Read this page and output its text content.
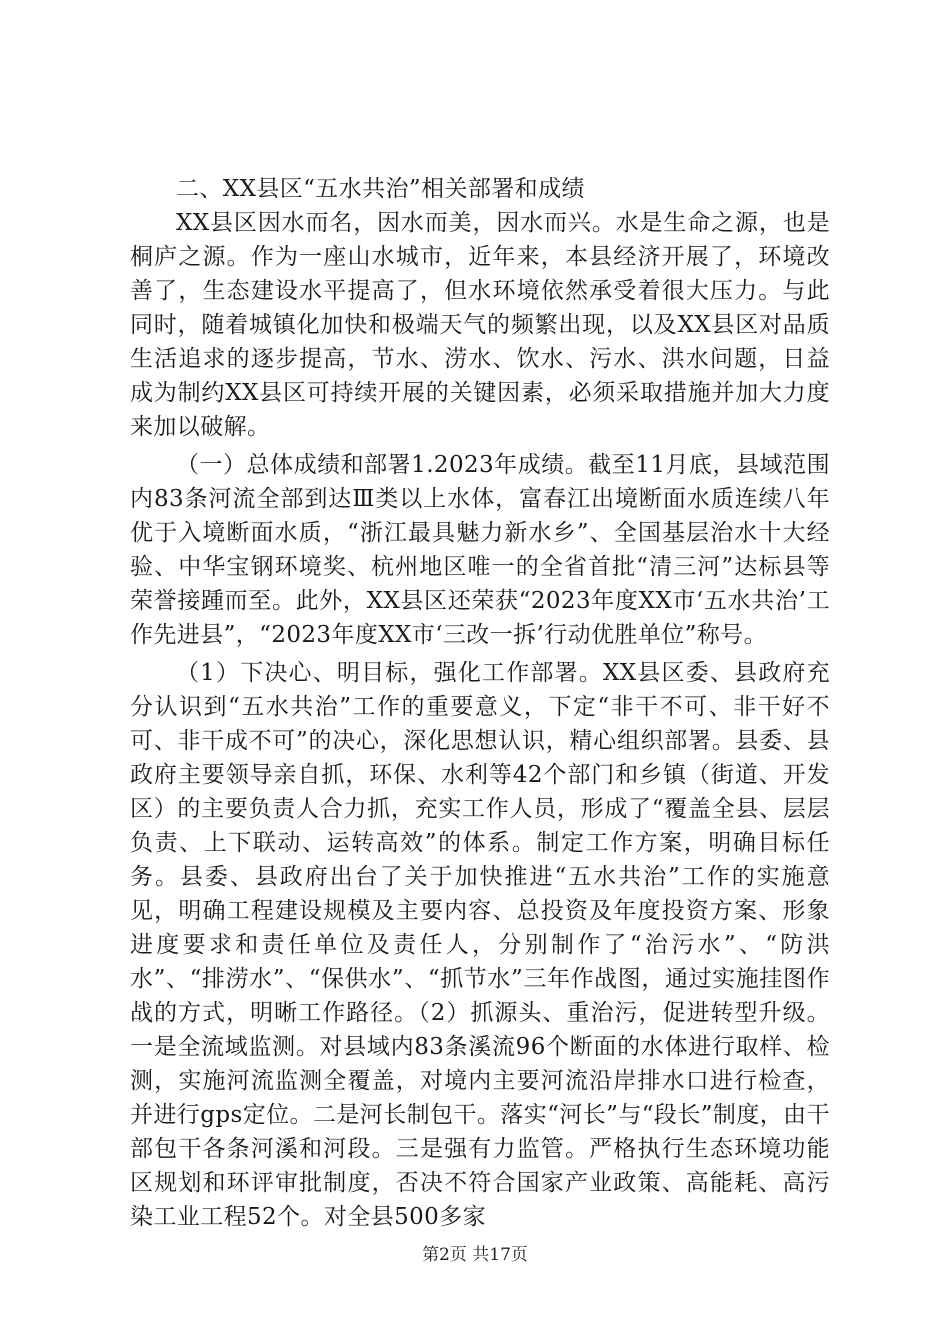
二、XX县区“五水共治”相关部署和成绩

XX县区因水而名，因水而美，因水而兴。水是生命之源，也是桐庐之源。作为一座山水城市，近年来，本县经济开展了，环境改善了，生态建设水平提高了，但水环境依然承受着很大压力。与此同时，随着城镇化加快和极端天气的频繁出现，以及XX县区对品质生活追求的逐步提高，节水、涝水、饮水、污水、洪水问题，日益成为制约XX县区可持续开展的关键因素，必须采取措施并加大力度来加以破解。

（一）总体成绩和部署1.2023年成绩。截至11月底，县域范围内83条河流全部到达Ⅲ类以上水体，富春江出境断面水质连续八年优于入境断面水质，“浙江最具魅力新水乡”、全国基层治水十大经验、中华宝钢环境奖、杭州地区唯一的全省首批“清三河”达标县等荣誉接踵而至。此外，XX县区还荣获“2023年度XX市‘五水共治’工作先进县”，“2023年度XX市‘三改一拆’行动优胜单位”称号。

（1）下决心、明目标，强化工作部署。XX县区委、县政府充分认识到“五水共治”工作的重要意义，下定“非干不可、非干好不可、非干成不可”的决心，深化思想认识，精心组织部署。县委、县政府主要领导亲自抓，环保、水利等42个部门和乡镇（街道、开发区）的主要负责人合力抓，充实工作人员，形成了“覆盖全县、层层负责、上下联动、运转高效”的体系。制定工作方案，明确目标任务。县委、县政府出台了关于加快推进“五水共治”工作的实施意见，明确工程建设规模及主要内容、总投资及年度投资方案、形象进度要求和责任单位及责任人，分别制作了“治污水”、“防洪水”、“排涝水”、“保供水”、“抓节水”三年作战图，通过实施挂图作战的方式，明晰工作路径。（2）抓源头、重治污，促进转型升级。一是全流域监测。对县域内83条溪流96个断面的水体进行取样、检测，实施河流监测全覆盖，对境内主要河流沿岸排水口进行检查，并进行gps定位。二是河长制包干。落实“河长”与“段长”制度，由干部包干各条河溪和河段。三是强有力监管。严格执行生态环境功能区规划和环评审批制度，否决不符合国家产业政策、高能耗、高污染工业工程52个。对全县500多家

第2页 共17页
